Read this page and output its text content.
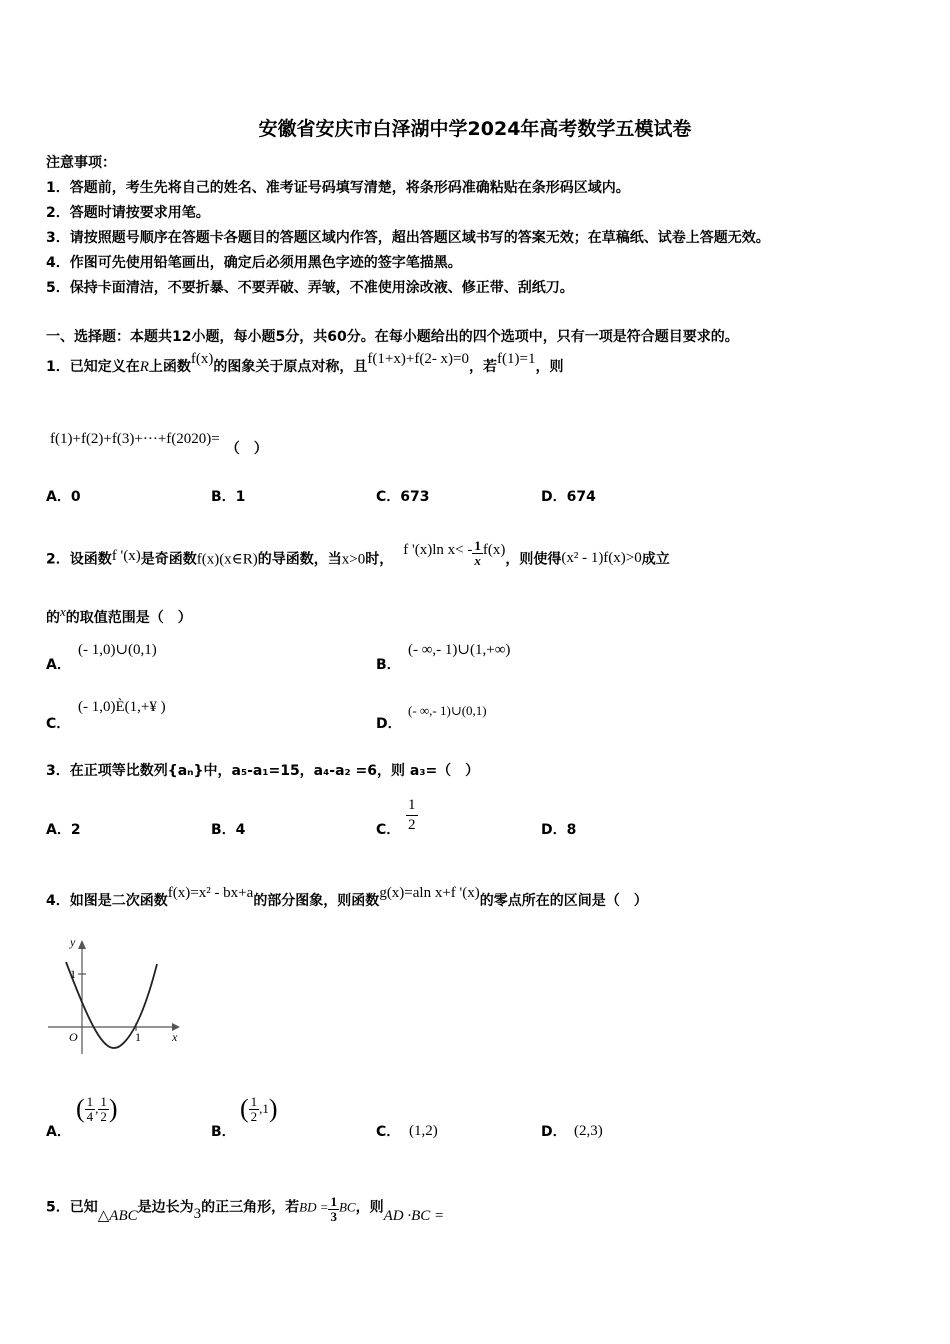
安徽省安庆市白泽湖中学2024年高考数学五模试卷
注意事项：
1．答题前，考生先将自己的姓名、准考证号码填写清楚，将条形码准确粘贴在条形码区域内。
2．答题时请按要求用笔。
3．请按照题号顺序在答题卡各题目的答题区域内作答，超出答题区域书写的答案无效；在草稿纸、试卷上答题无效。
4．作图可先使用铅笔画出，确定后必须用黑色字迹的签字笔描黑。
5．保持卡面清洁，不要折暴、不要弄破、弄皱，不准使用涂改液、修正带、刮纸刀。
一、选择题：本题共12小题，每小题5分，共60分。在每小题给出的四个选项中，只有一项是符合题目要求的。
1．已知定义在R上函数f(x)的图象关于原点对称，且f(1+x)+f(2- x)=0，若f(1)=1，则
f(1)+f(2)+f(3)+···+f(2020)=（　）
A．0	B．1	C．673	D．674
2．设函数f '(x)是奇函数f(x)(x∈R)的导函数，当x>0时，f '(x)ln $x< - \frac{1}{x} f(x)$，则使得(x² - 1)f(x)>0成立
的x的取值范围是（　）
A．
(- 1,0)∪(0,1)
B．
(- ∞,- 1)∪(1,+∞)
C．
(- 1,0)È(1,+¥ )
D．
(- ∞,- 1)∪(0,1)
3．在正项等比数列{aₙ}中，a₅-a₁=15，a₄-a₂ =6，则 a₃=（　）
A．2	B．4	C． $\frac{1}{2}$	D．8
4．如图是二次函数f(x)=x² - bx+a的部分图象，则函数g(x)=aln x+f '(x)的零点所在的区间是（　）
y
x
O	1
1
A．
( $\frac{1}{4}$ , $\frac{1}{2}$ )
B．
( $\frac{1}{2} ,1$)
C． (1,2)	D． (2,3)
5．已知△ABC是边长为3的正三角形，若BD = $\frac{1}{3}$ BC，则AD ·BC =
